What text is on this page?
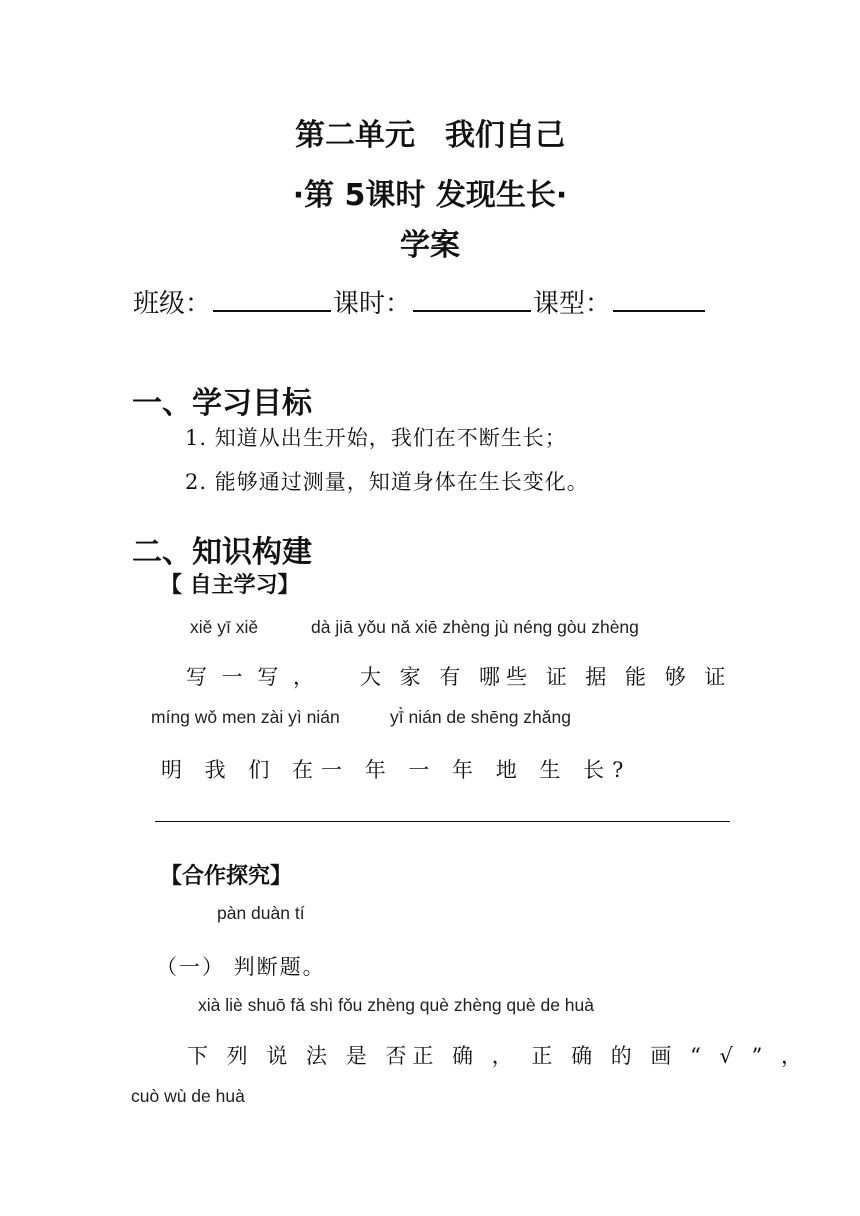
第二单元　我们自己
·第 5课时 发现生长·
学案
班级：	课时：	课型：
一、学习目标
1. 知道从出生开始，我们在不断生长；
2. 能够通过测量，知道身体在生长变化。
二、知识构建
【 自主学习】
xiě yī xiě	dà jiā yǒu nǎ xiē zhèng jù néng gòu zhèng
写 一 写 ， 大 家 有 哪些 证 据 能 够 证
míng wǒ men zài yì nián	yī̀ nián de shēng zhǎng
明 我 们 在一 年 一 年 地 生 长?
【合作探究】
pàn duàn tí
（一） 判断题。
xià liè shuō fǎ shì fǒu zhèng què zhèng què de huà
下 列 说 法 是 否正 确 ， 正 确 的 画 “ √ ” ，
cuò wù de huà
